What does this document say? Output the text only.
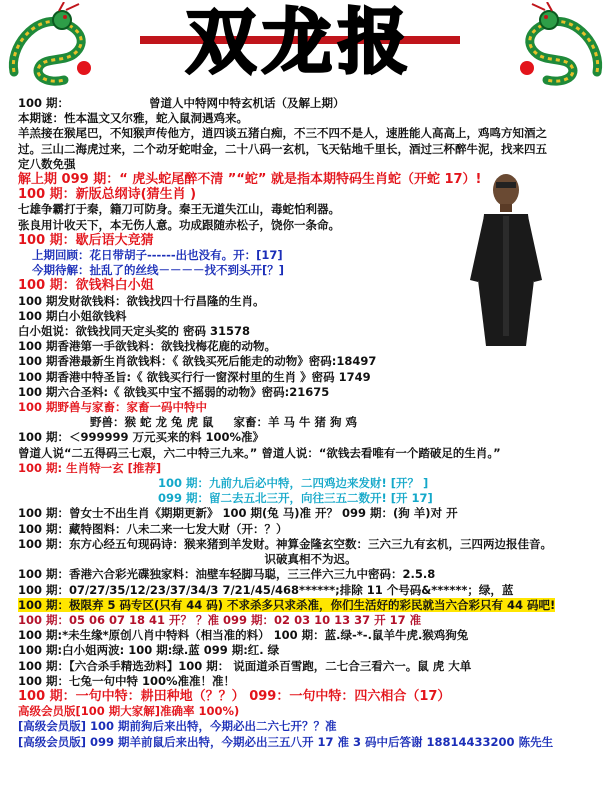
双龙报
100 期：	曾道人中特网中特玄机话（及解上期）
本期谜：性本温文又尔雅，蛇入鼠洞遇鸡来。
羊羔接在猴尾巴，不知猴声传他方，逍四谈五猪白痴，不三不四不是人，速胜能人高高上，鸡鸣方知酒之过。三山二海虎过来，二个动牙蛇咁金，二十八码一玄机，飞天钻地千里长，酒过三杯醉牛泥，找来四五定八数免强
解上期 099 期：“ 虎头蛇尾醉不清 ”“蛇” 就是指本期特码生肖蛇（开蛇 17）!
100 期：新版总纲诗(猜生肖 )
七雄争霸打于秦，籍刀可防身。秦王无道失江山，毒蛇怕利器。
张良用计收天下，本无伤人意。功成跟随赤松子，饶你一条命。
100 期：歇后语大竞猜
上期回顾：花日带胡子------出也没有。开：[17]
今期待解：扯乱了的丝线－－－－找不到头开[？]
100 期：欲钱料白小姐
100 期发财欲钱料：欲钱找四十行昌隆的生肖。
100 期白小姐欲钱料
白小姐说：欲钱找同天定头奖的 密码 31578
100 期香港第一手欲钱料：欲钱找梅花鹿的动物。
100 期香港最新生肖欲钱料：《 欲钱买死后能走的动物》密码:18497
100 期香港中特圣旨:《 欲钱买行行一窗深村里的生肖 》密码 1749
100 期六合圣料:《 欲钱买中宝不摇弱的动物》密码:21675
100 期野兽与家畜：家畜一码中特中
野兽：猴 蛇 龙 兔 虎 鼠 家畜：羊 马 牛 猪 狗 鸡
100 期：＜999999 万元买来的料 100%准》
曾道人说“二五得码三七艰，六二中特三九来。” 曾道人说：“欲钱去看唯有一个踏破足的生肖。”
100 期: 生肖特一玄 [推荐]
100 期：九前九后必中特，二四鸡边来发财! [开？ ]
099 期：留二去五北三开，向往三五二数开! [开 17]
100 期：曾女士不出生肖《期期更新》 100 期(兔 马)准 开？ 099 期：(狗 羊)对 开
100 期：藏特图料：八未二来一七发大财（开：？）
100 期：东方心经五句现码诗：猴来猪到羊发财。神算金隆玄空数：三六三九有玄机，三四两边报佳音。
识破真相不为迟。
100 期：香港六合彩光碟独家料：油壁车轻脚马聪，三三伴六三九中密码：2.5.8
100 期：07/27/35/12/23/37/34/3 7/21/45/468******;排除 11 个号码&******；绿，蓝
100 期：极限弃 5 码专区(只有 44 码) 不求杀多只求杀准，你们生活好的彩民就当六合彩只有 44 码吧!
100 期：05 06 07 18 41 开？ ？准 099 期：02 03 10 13 37 开 17 准
100 期:*未生缘*原创八肖中特料（相当准的料） 100 期：蓝.绿-*-.鼠羊牛虎.猴鸡狗兔
100 期:白小姐两波: 100 期:绿.蓝 099 期:红. 绿
100 期：【六合杀手精选劲料】100 期： 说面道杀百雪跑，二七合三看六一。鼠 虎 大单
100 期：七兔一句中特 100%准准！准！
100 期：一句中特：耕田种地（？？） 099：一句中特：四六相合（17）
高级会员版[100 期大家解]准确率 100%)
[高级会员版] 100 期前狗后来出特，今期必出二六七开？？准
[高级会员版] 099 期羊前鼠后来出特，今期必出三五八开 17 准 3 码中后答谢 18814433200 陈先生
